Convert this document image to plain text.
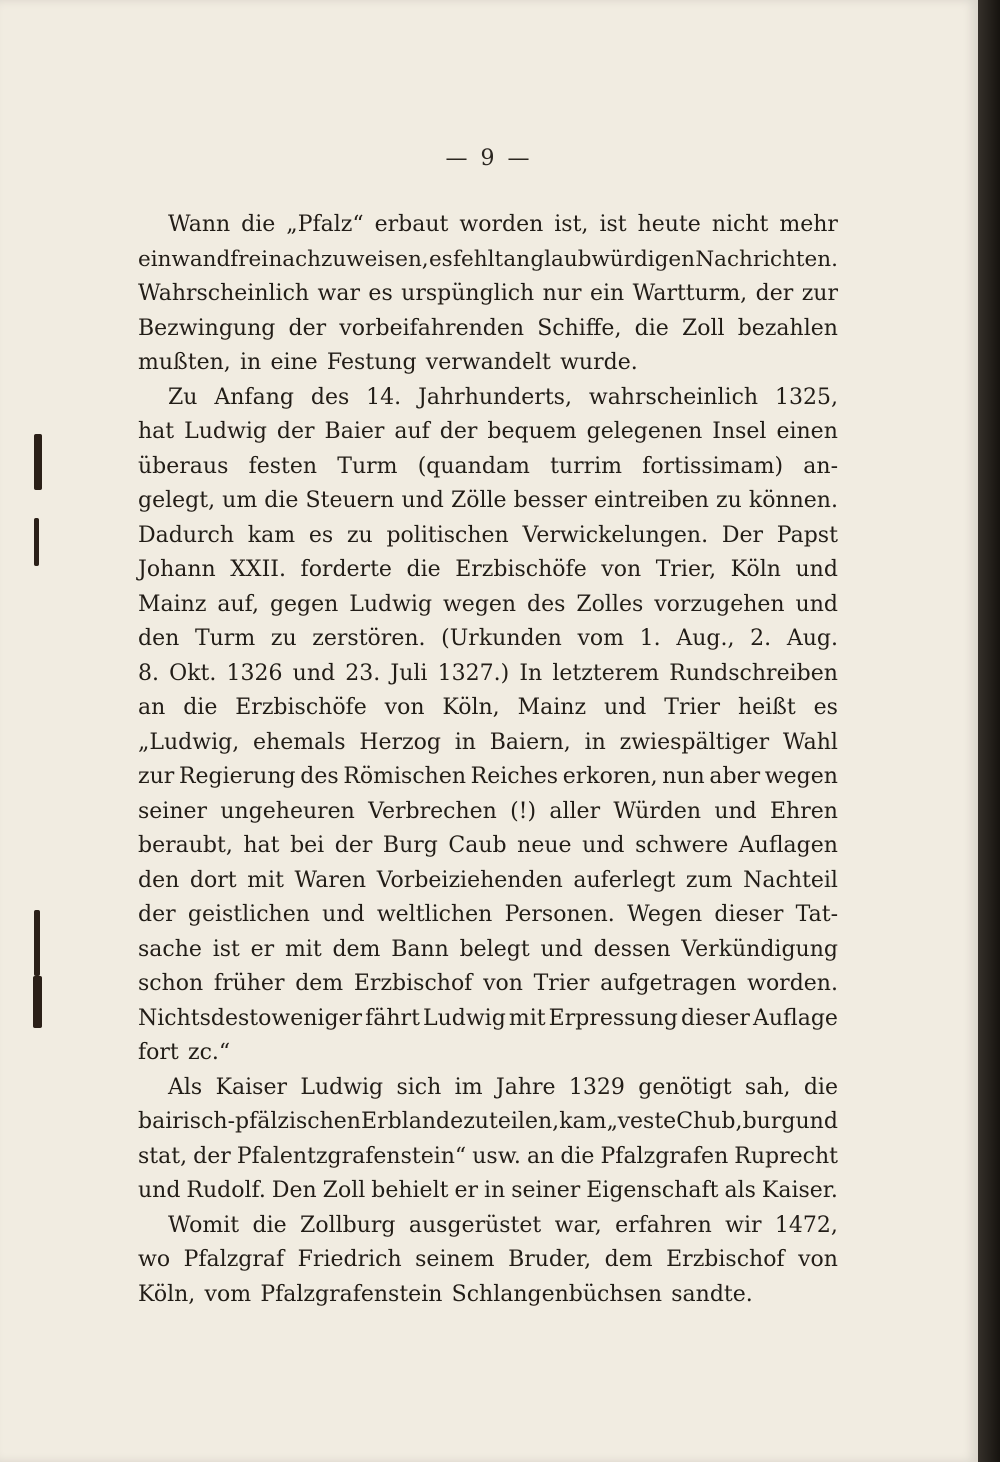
— 9 —
Wann die „Pfalz“ erbaut worden ist, ist heute nicht mehr
einwandfrei nachzuweisen, es fehlt an glaubwürdigen Nachrichten.
Wahrscheinlich war es urspünglich nur ein Wartturm, der zur
Bezwingung der vorbeifahrenden Schiffe, die Zoll bezahlen
mußten, in eine Festung verwandelt wurde.
Zu Anfang des 14. Jahrhunderts, wahrscheinlich 1325,
hat Ludwig der Baier auf der bequem gelegenen Insel einen
überaus festen Turm (quandam turrim fortissimam) an-
gelegt, um die Steuern und Zölle besser eintreiben zu können.
Dadurch kam es zu politischen Verwickelungen. Der Papst
Johann XXII. forderte die Erzbischöfe von Trier, Köln und
Mainz auf, gegen Ludwig wegen des Zolles vorzugehen und
den Turm zu zerstören. (Urkunden vom 1. Aug., 2. Aug.
8. Okt. 1326 und 23. Juli 1327.) In letzterem Rundschreiben
an die Erzbischöfe von Köln, Mainz und Trier heißt es
„Ludwig, ehemals Herzog in Baiern, in zwiespältiger Wahl
zur Regierung des Römischen Reiches erkoren, nun aber wegen
seiner ungeheuren Verbrechen (!) aller Würden und Ehren
beraubt, hat bei der Burg Caub neue und schwere Auflagen
den dort mit Waren Vorbeiziehenden auferlegt zum Nachteil
der geistlichen und weltlichen Personen. Wegen dieser Tat-
sache ist er mit dem Bann belegt und dessen Verkündigung
schon früher dem Erzbischof von Trier aufgetragen worden.
Nichtsdestoweniger fährt Ludwig mit Erpressung dieser Auflage
fort zc.“
Als Kaiser Ludwig sich im Jahre 1329 genötigt sah, die
bairisch-pfälzischen Erblande zu teilen, kam „veste Chub, burg und
stat, der Pfalentzgrafenstein“ usw. an die Pfalzgrafen Ruprecht
und Rudolf. Den Zoll behielt er in seiner Eigenschaft als Kaiser.
Womit die Zollburg ausgerüstet war, erfahren wir 1472,
wo Pfalzgraf Friedrich seinem Bruder, dem Erzbischof von
Köln, vom Pfalzgrafenstein Schlangenbüchsen sandte.
